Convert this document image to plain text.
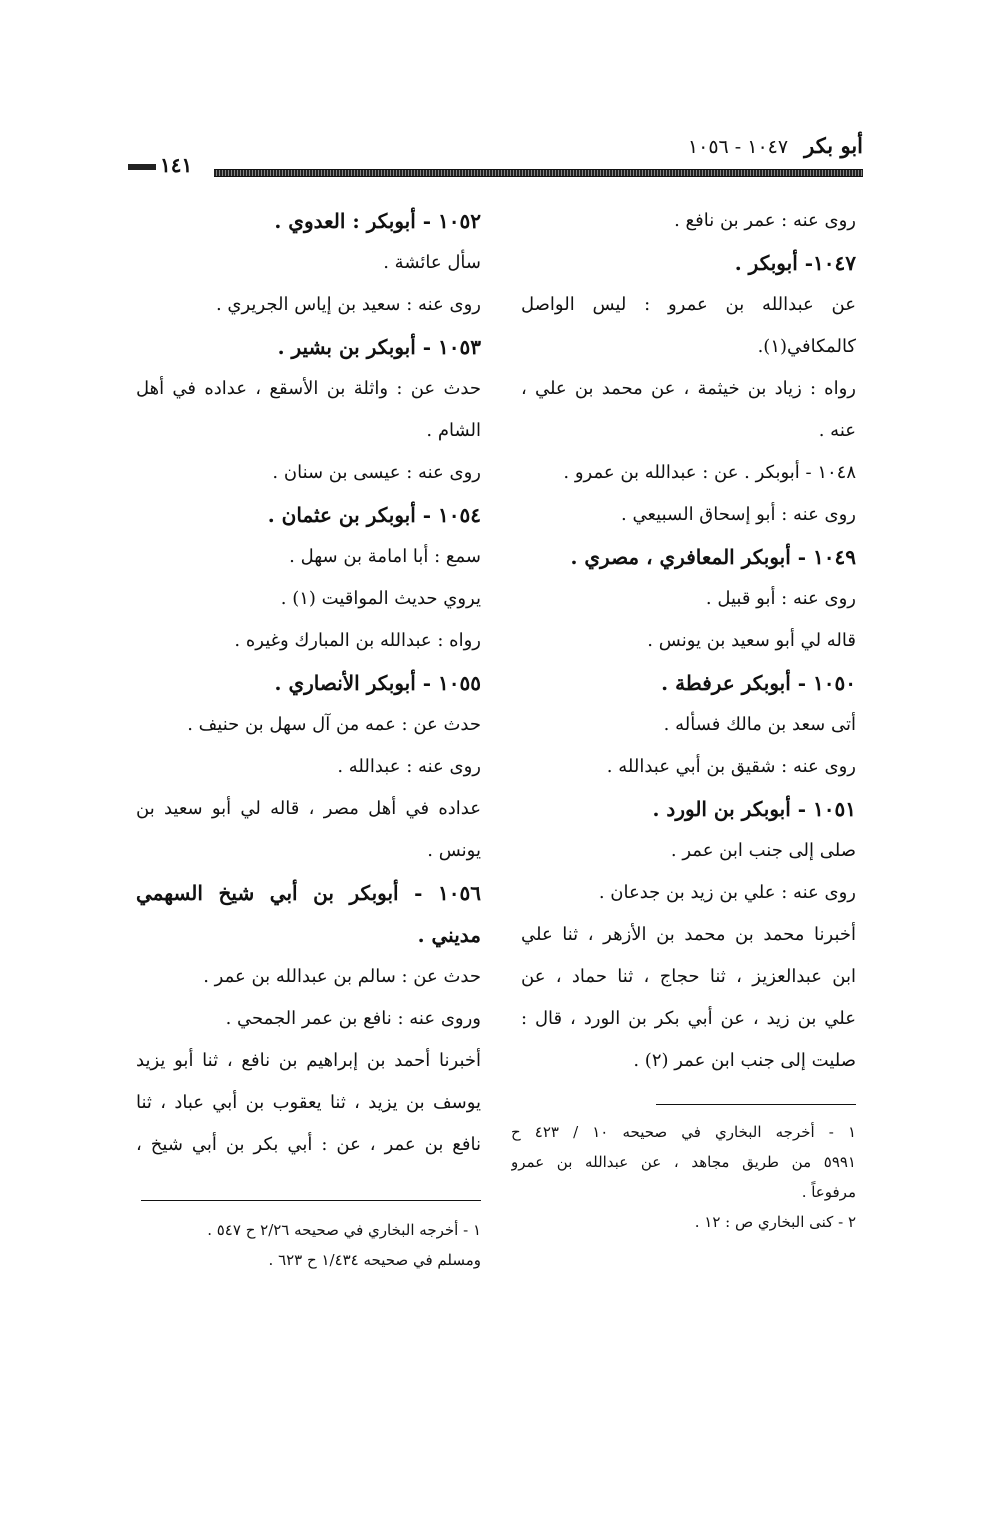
أبو بكر ١٠٤٧ - ١٠٥٦
١٤١
روى عنه : عمر بن نافع .
١٠٤٧- أبوبكر .
عن عبدالله بن عمرو : ليس الواصل
كالمكافي(١).
رواه : زياد بن خيثمة ، عن محمد بن علي ،
عنه .
١٠٤٨ - أبوبكر . عن : عبدالله بن عمرو .
روى عنه : أبو إسحاق السبيعي .
١٠٤٩ - أبوبكر المعافري ، مصري .
روى عنه : أبو قبيل .
قاله لي أبو سعيد بن يونس .
١٠٥٠ - أبوبكر عرفطة .
أتى سعد بن مالك فسأله .
روى عنه : شقيق بن أبي عبدالله .
١٠٥١ - أبوبكر بن الورد .
صلى إلى جنب ابن عمر .
روى عنه : علي بن زيد بن جدعان .
أخبرنا محمد بن محمد بن الأزهر ، ثنا علي
ابن عبدالعزيز ، ثنا حجاج ، ثنا حماد ، عن
علي بن زيد ، عن أبي بكر بن الورد ، قال :
صليت إلى جنب ابن عمر (٢) .
١٠٥٢ - أبوبكر : العدوي .
سأل عائشة .
روى عنه : سعيد بن إياس الجريري .
١٠٥٣ - أبوبكر بن بشير .
حدث عن : واثلة بن الأسقع ، عداده في أهل
الشام .
روى عنه : عيسى بن سنان .
١٠٥٤ - أبوبكر بن عثمان .
سمع : أبا امامة بن سهل .
يروي حديث المواقيت (١) .
رواه : عبدالله بن المبارك وغيره .
١٠٥٥ - أبوبكر الأنصاري .
حدث عن : عمه من آل سهل بن حنيف .
روى عنه : عبدالله .
عداده في أهل مصر ، قاله لي أبو سعيد بن
يونس .
١٠٥٦ - أبوبكر بن أبي شيخ السهمي
مديني .
حدث عن : سالم بن عبدالله بن عمر .
وروى عنه : نافع بن عمر الجمحي .
أخبرنا أحمد بن إبراهيم بن نافع ، ثنا أبو يزيد
يوسف بن يزيد ، ثنا يعقوب بن أبي عباد ، ثنا
نافع بن عمر ، عن : أبي بكر بن أبي شيخ ،
١ - أخرجه البخاري في صحيحه ١٠ / ٤٢٣ ح
٥٩٩١ من طريق مجاهد ، عن عبدالله بن عمرو
مرفوعاً .
٢ - كنى البخاري ص : ١٢ .
١ - أخرجه البخاري في صحيحه ٢/٢٦ ح ٥٤٧ .
ومسلم في صحيحه ١/٤٣٤ ح ٦٢٣ .
